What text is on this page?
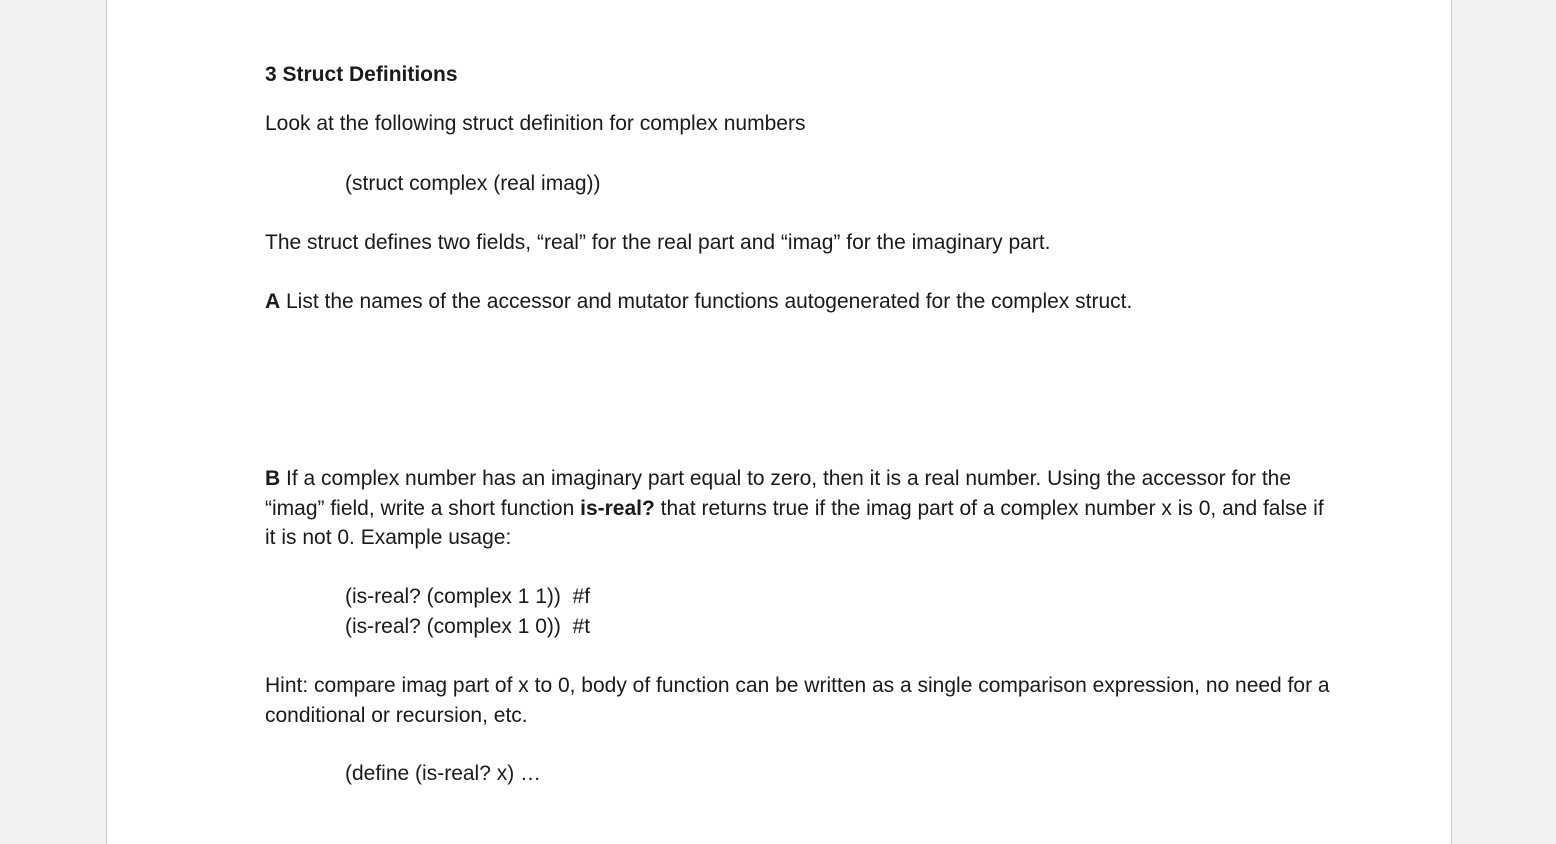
3 Struct Definitions

Look at the following struct definition for complex numbers

(struct complex (real imag))

The struct defines two fields, “real” for the real part and “imag” for the imaginary part.

A List the names of the accessor and mutator functions autogenerated for the complex struct.

B If a complex number has an imaginary part equal to zero, then it is a real number. Using the accessor for the “imag” field, write a short function is-real? that returns true if the imag part of a complex number x is 0, and false if it is not 0. Example usage:

(is-real? (complex 1 1))  #f

(is-real? (complex 1 0))  #t

Hint: compare imag part of x to 0, body of function can be written as a single comparison expression, no need for a conditional or recursion, etc.

(define (is-real? x) …
